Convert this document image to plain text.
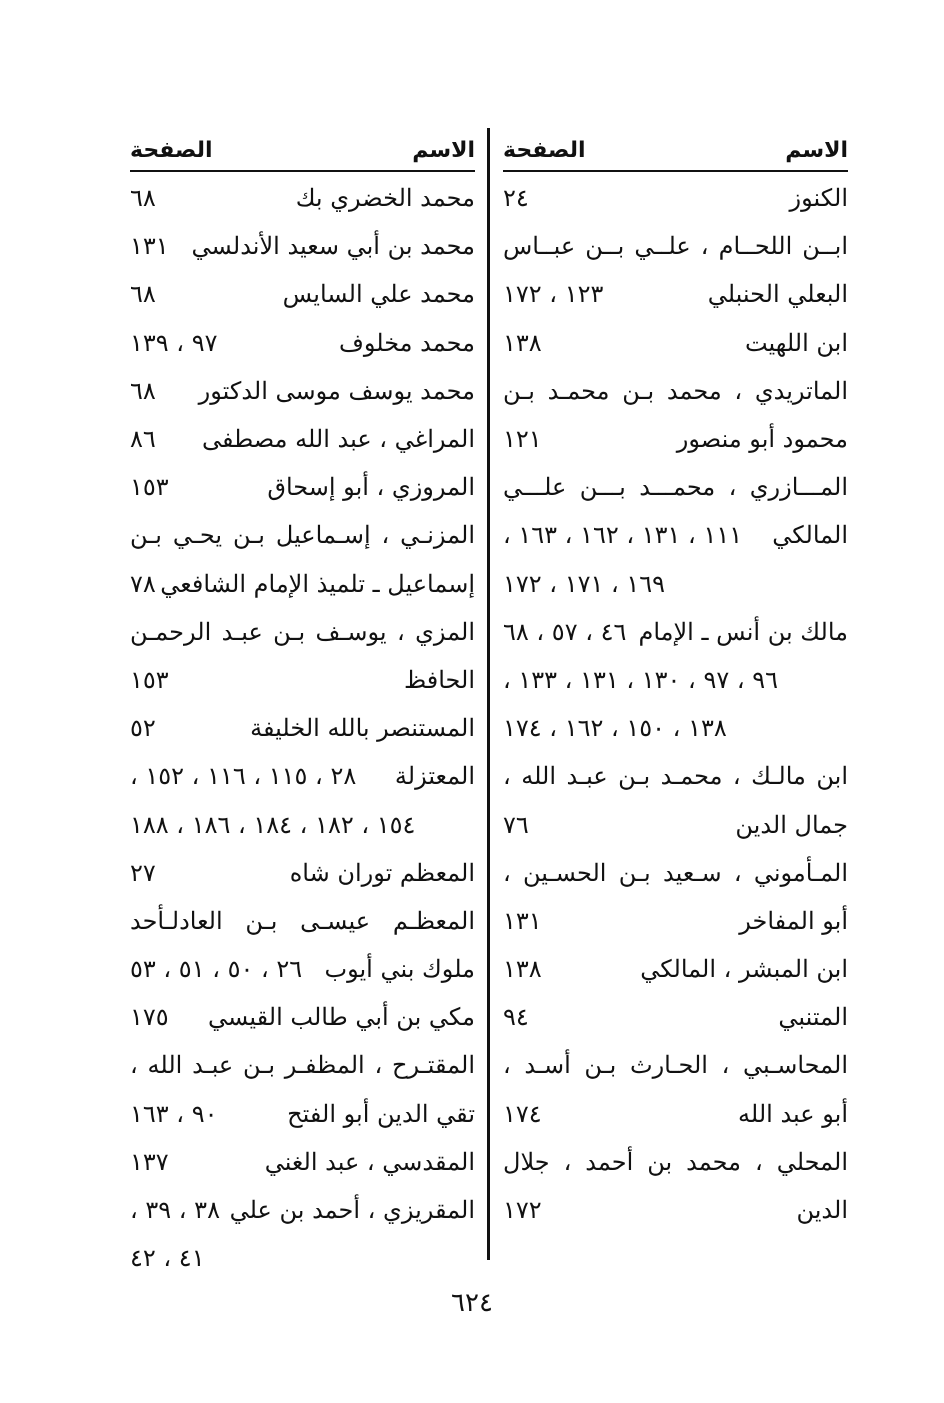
الاسم
الصفحة
الكنوز
٢٤
ابــن اللحــام ، علــي بــن عبــاس
البعلي الحنبلي
١٢٣ ، ١٧٢
ابن اللهيت
١٣٨
الماتريدي ، محمد بـن محمـد بـن
محمود أبو منصور
١٢١
المـــازري ، محمـــد بـــن علـــي
المالكي
١١١ ، ١٣١ ، ١٦٢ ، ١٦٣ ،
١٦٩ ، ١٧١ ، ١٧٢
مالك بن أنس ـ الإمام
٤٦ ، ٥٧ ، ٦٨
٩٦ ، ٩٧ ، ١٣٠ ، ١٣١ ، ١٣٣ ،
١٣٨ ، ١٥٠ ، ١٦٢ ، ١٧٤
ابن مالـك ، محمـد بـن عبـد الله ،
جمال الدين
٧٦
المـأموني ، سـعيد بـن الحسـين ،
أبو المفاخر
١٣١
ابن المبشر ، المالكي
١٣٨
المتنبي
٩٤
المحاسـبي ، الحـارث بـن أسـد ،
أبو عبد الله
١٧٤
المحلي ، محمد بن أحمد ، جلال
الدين
١٧٢
الاسم
الصفحة
محمد الخضري بك
٦٨
محمد بن أبي سعيد الأندلسي
١٣١
محمد علي السايس
٦٨
محمد مخلوف
٩٧ ، ١٣٩
محمد يوسف موسى الدكتور
٦٨
المراغي ، عبد الله مصطفى
٨٦
المروزي ، أبو إسحاق
١٥٣
المزنـي ، إسـماعيل بـن يحـي بـن
إسماعيل ـ تلميذ الإمام الشافعي
٧٨
المزي ، يوسـف بـن عبـد الرحمـن
الحافظ
١٥٣
المستنصر بالله الخليفة
٥٢
المعتزلة
٢٨ ، ١١٥ ، ١١٦ ، ١٥٢ ،
١٥٤ ، ١٨٢ ، ١٨٤ ، ١٨٦ ، ١٨٨
المعظم توران شاه
٢٧
المعظـم عيسـى بـن العادلـأحد
ملوك بني أيوب
٢٦ ، ٥٠ ، ٥١ ، ٥٣
مكي بن أبي طالب القيسي
١٧٥
المقتـرح ، المظفـر بـن عبـد الله ،
تقي الدين أبو الفتح
٩٠ ، ١٦٣
المقدسي ، عبد الغني
١٣٧
المقريزي ، أحمد بن علي
٣٨ ، ٣٩ ،
٤١ ، ٤٢
٦٢٤
